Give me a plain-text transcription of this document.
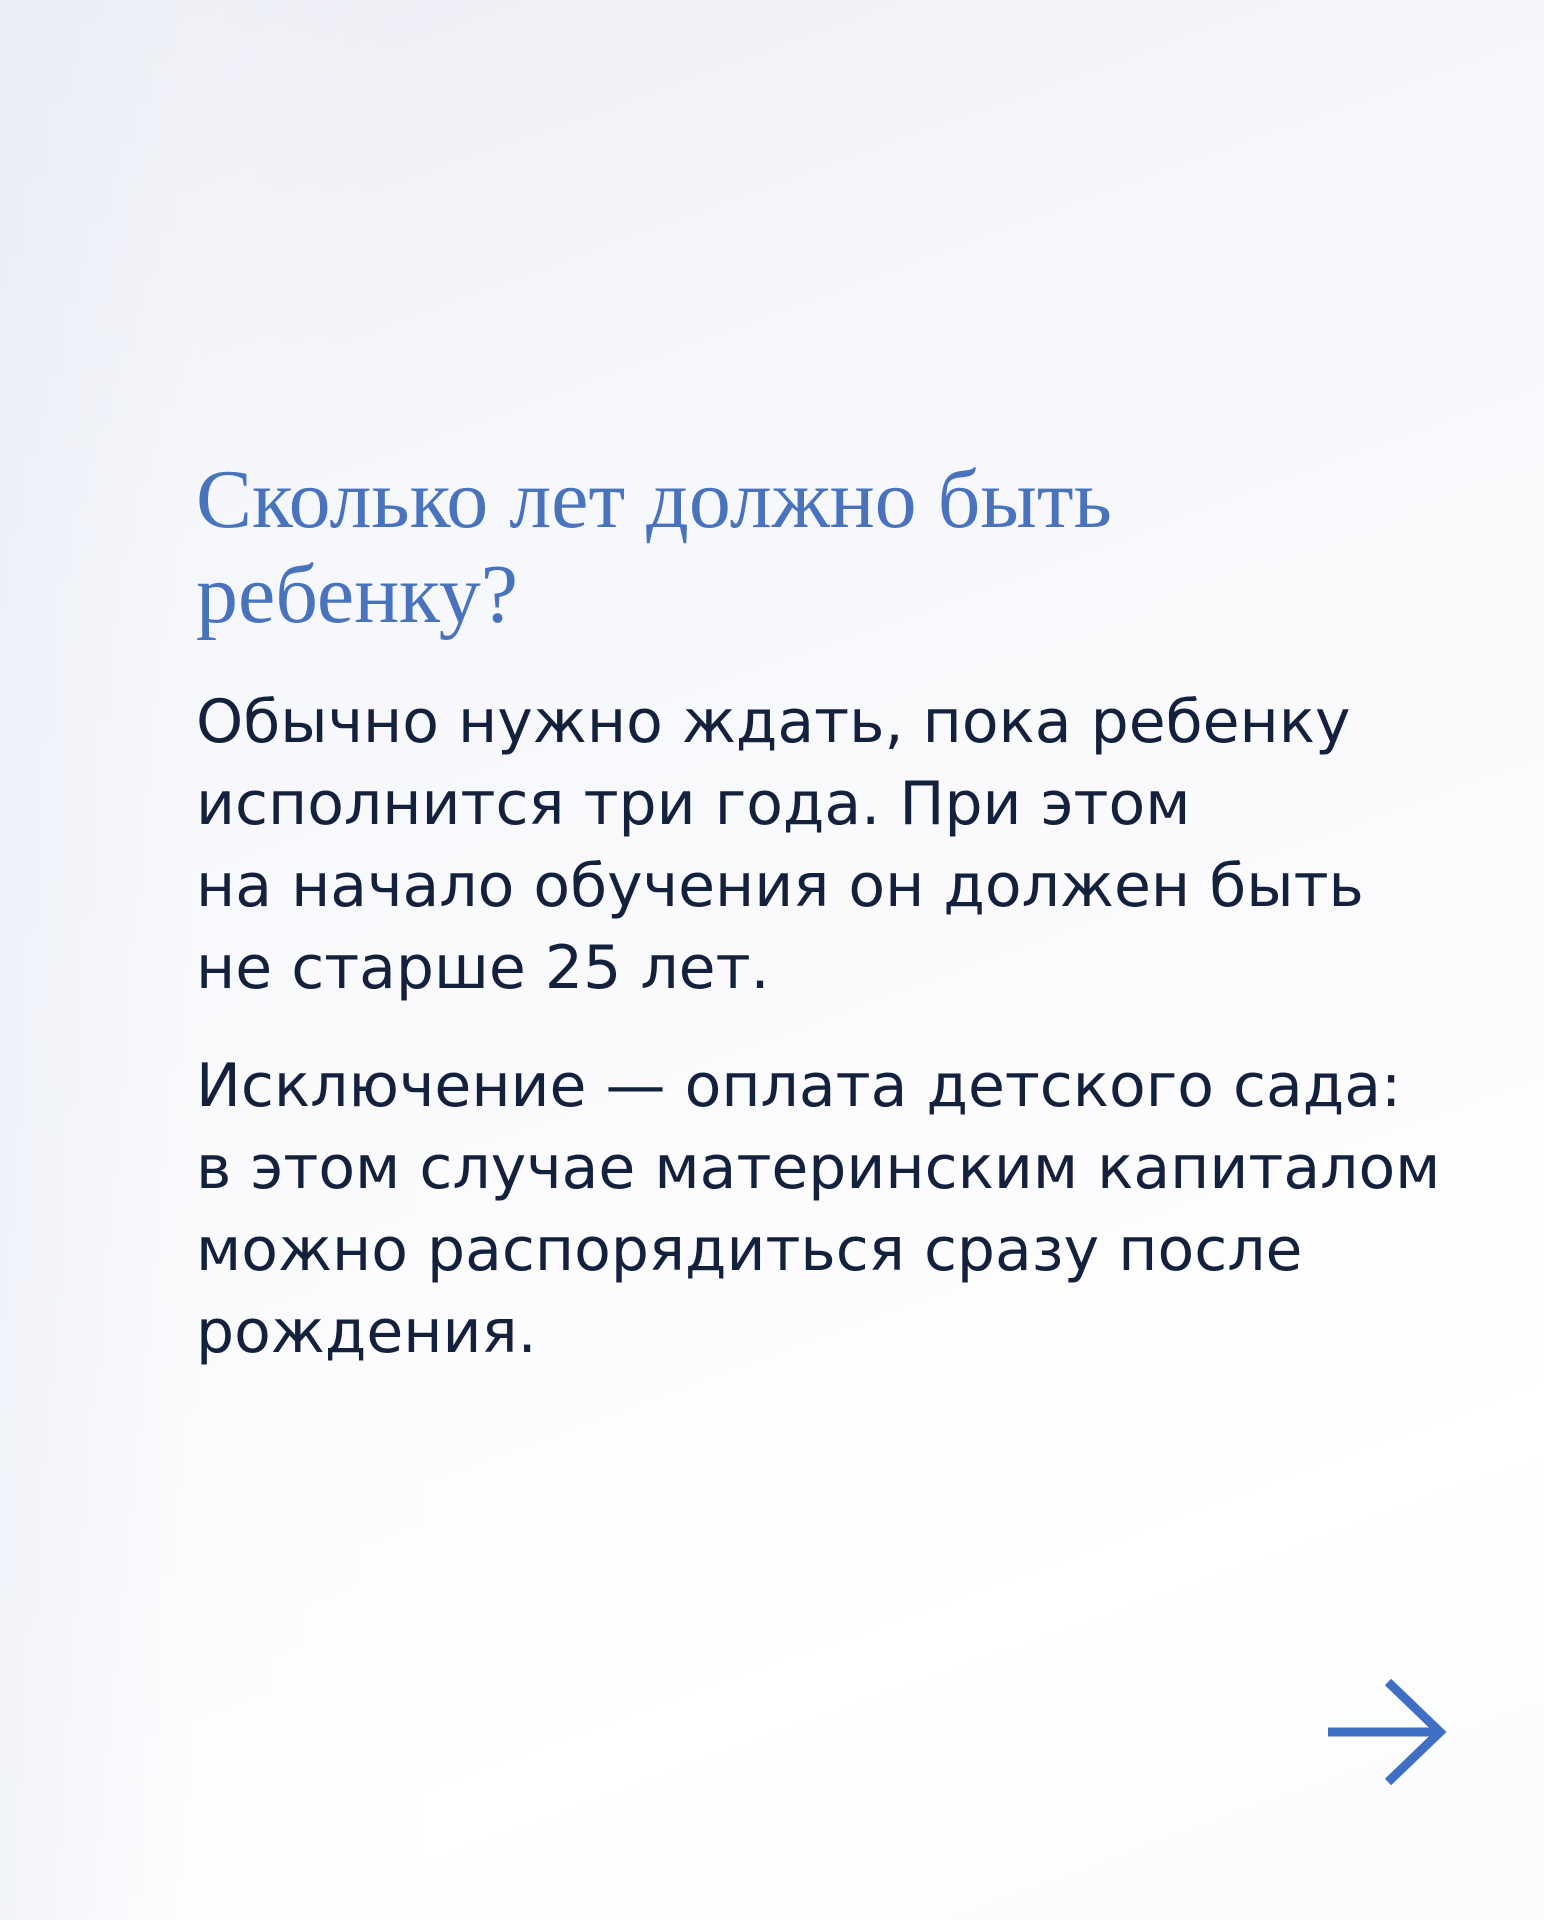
Сколько лет должно быть
ребенку?

Обычно нужно ждать, пока ребенку
исполнится три года. При этом
на начало обучения он должен быть
не старше 25 лет.

Исключение — оплата детского сада:
в этом случае материнским капиталом
можно распорядиться сразу после
рождения.
